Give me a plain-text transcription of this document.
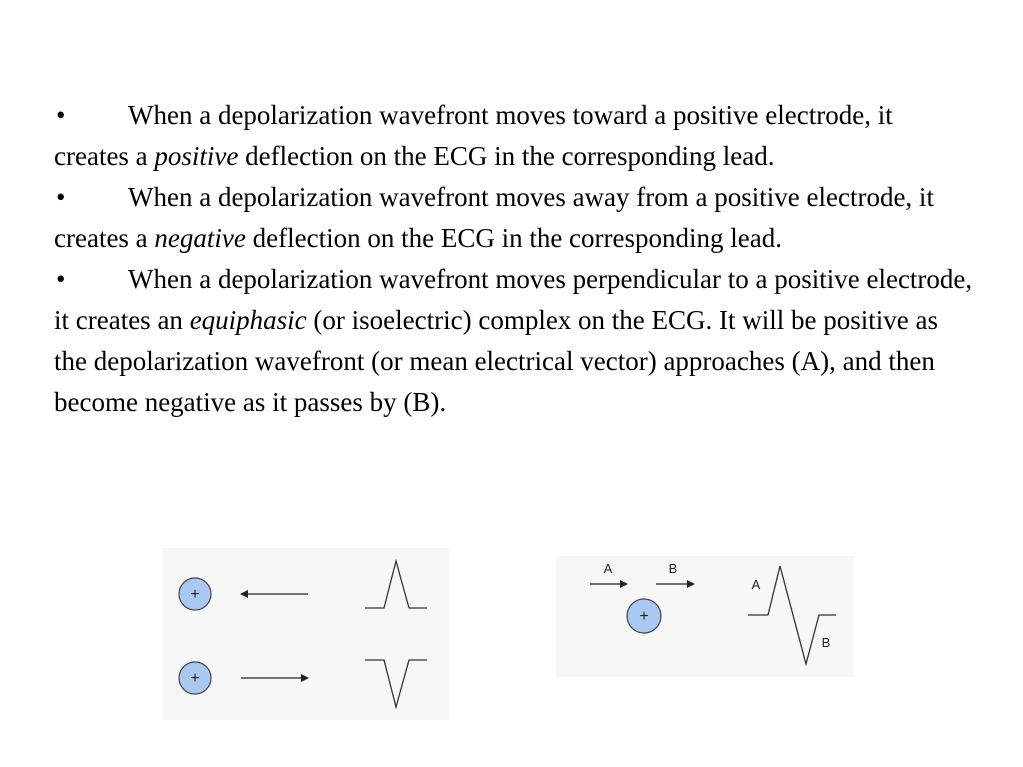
• When a depolarization wavefront moves toward a positive electrode, it creates a positive deflection on the ECG in the corresponding lead.

• When a depolarization wavefront moves away from a positive electrode, it creates a negative deflection on the ECG in the corresponding lead.

• When a depolarization wavefront moves perpendicular to a positive electrode, it creates an equiphasic (or isoelectric) complex on the ECG. It will be positive as the depolarization wavefront (or mean electrical vector) approaches (A), and then become negative as it passes by (B).

+
+
A	B
+
A
B
